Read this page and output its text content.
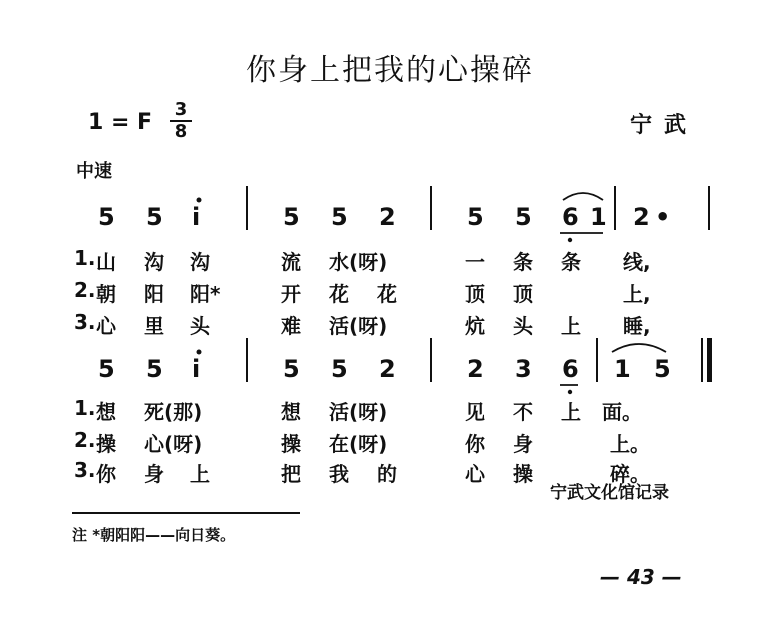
你身上把我的心操碎
1 = F
3
8	宁武
中速
5 5 i	5 5 2	5 5 6 1 2 •
1. 山 沟 沟	流 水(呀)	一 条 条 线,
2. 朝 阳 阳*	开 花 花	顶 顶	上,
3. 心 里 头	难 活(呀)	炕 头 上 睡,
5 5 i	5 5 2	2 3 6 1 5
1. 想 死(那)	想 活(呀)	见 不 上 面。
2. 操 心(呀)	操 在(呀)	你 身	上。
3. 你 身 上	把 我 的	心 操	碎。
宁武文化馆记录
注 *朝阳阳——向日葵。
— 43 —
